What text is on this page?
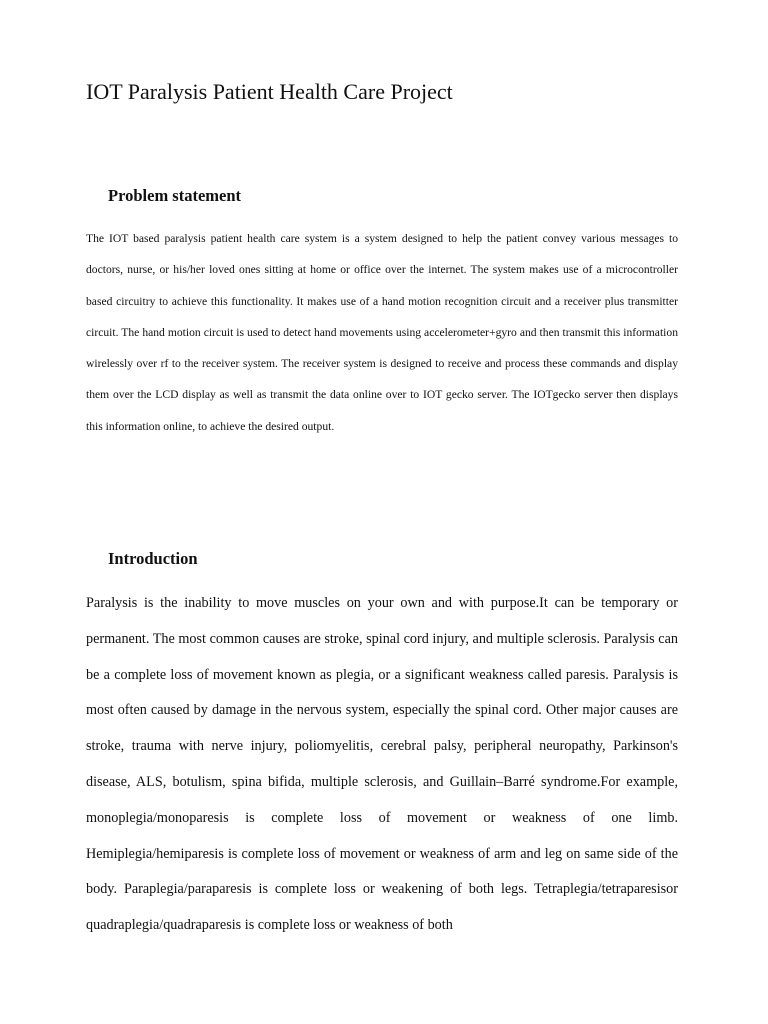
IOT Paralysis Patient Health Care Project
Problem statement

The IOT based paralysis patient health care system is a system designed to help the patient convey various messages to doctors, nurse, or his/her loved ones sitting at home or office over the internet. The system makes use of a microcontroller based circuitry to achieve this functionality. It makes use of a hand motion recognition circuit and a receiver plus transmitter circuit. The hand motion circuit is used to detect hand movements using accelerometer+gyro and then transmit this information wirelessly over rf to the receiver system. The receiver system is designed to receive and process these commands and display them over the LCD display as well as transmit the data online over to IOT gecko server. The IOTgecko server then displays this information online, to achieve the desired output.

Introduction

Paralysis is the inability to move muscles on your own and with purpose.It can be temporary or permanent. The most common causes are stroke, spinal cord injury, and multiple sclerosis. Paralysis can be a complete loss of movement known as plegia, or a significant weakness called paresis. Paralysis is most often caused by damage in the nervous system, especially the spinal cord. Other major causes are stroke, trauma with nerve injury, poliomyelitis, cerebral palsy, peripheral neuropathy, Parkinson's disease, ALS, botulism, spina bifida, multiple sclerosis, and Guillain–Barré syndrome.For example, monoplegia/monoparesis is complete loss of movement or weakness of one limb. Hemiplegia/hemiparesis is complete loss of movement or weakness of arm and leg on same side of the body. Paraplegia/paraparesis is complete loss or weakening of both legs. Tetraplegia/tetraparesisor quadraplegia/quadraparesis is complete loss or weakness of both
